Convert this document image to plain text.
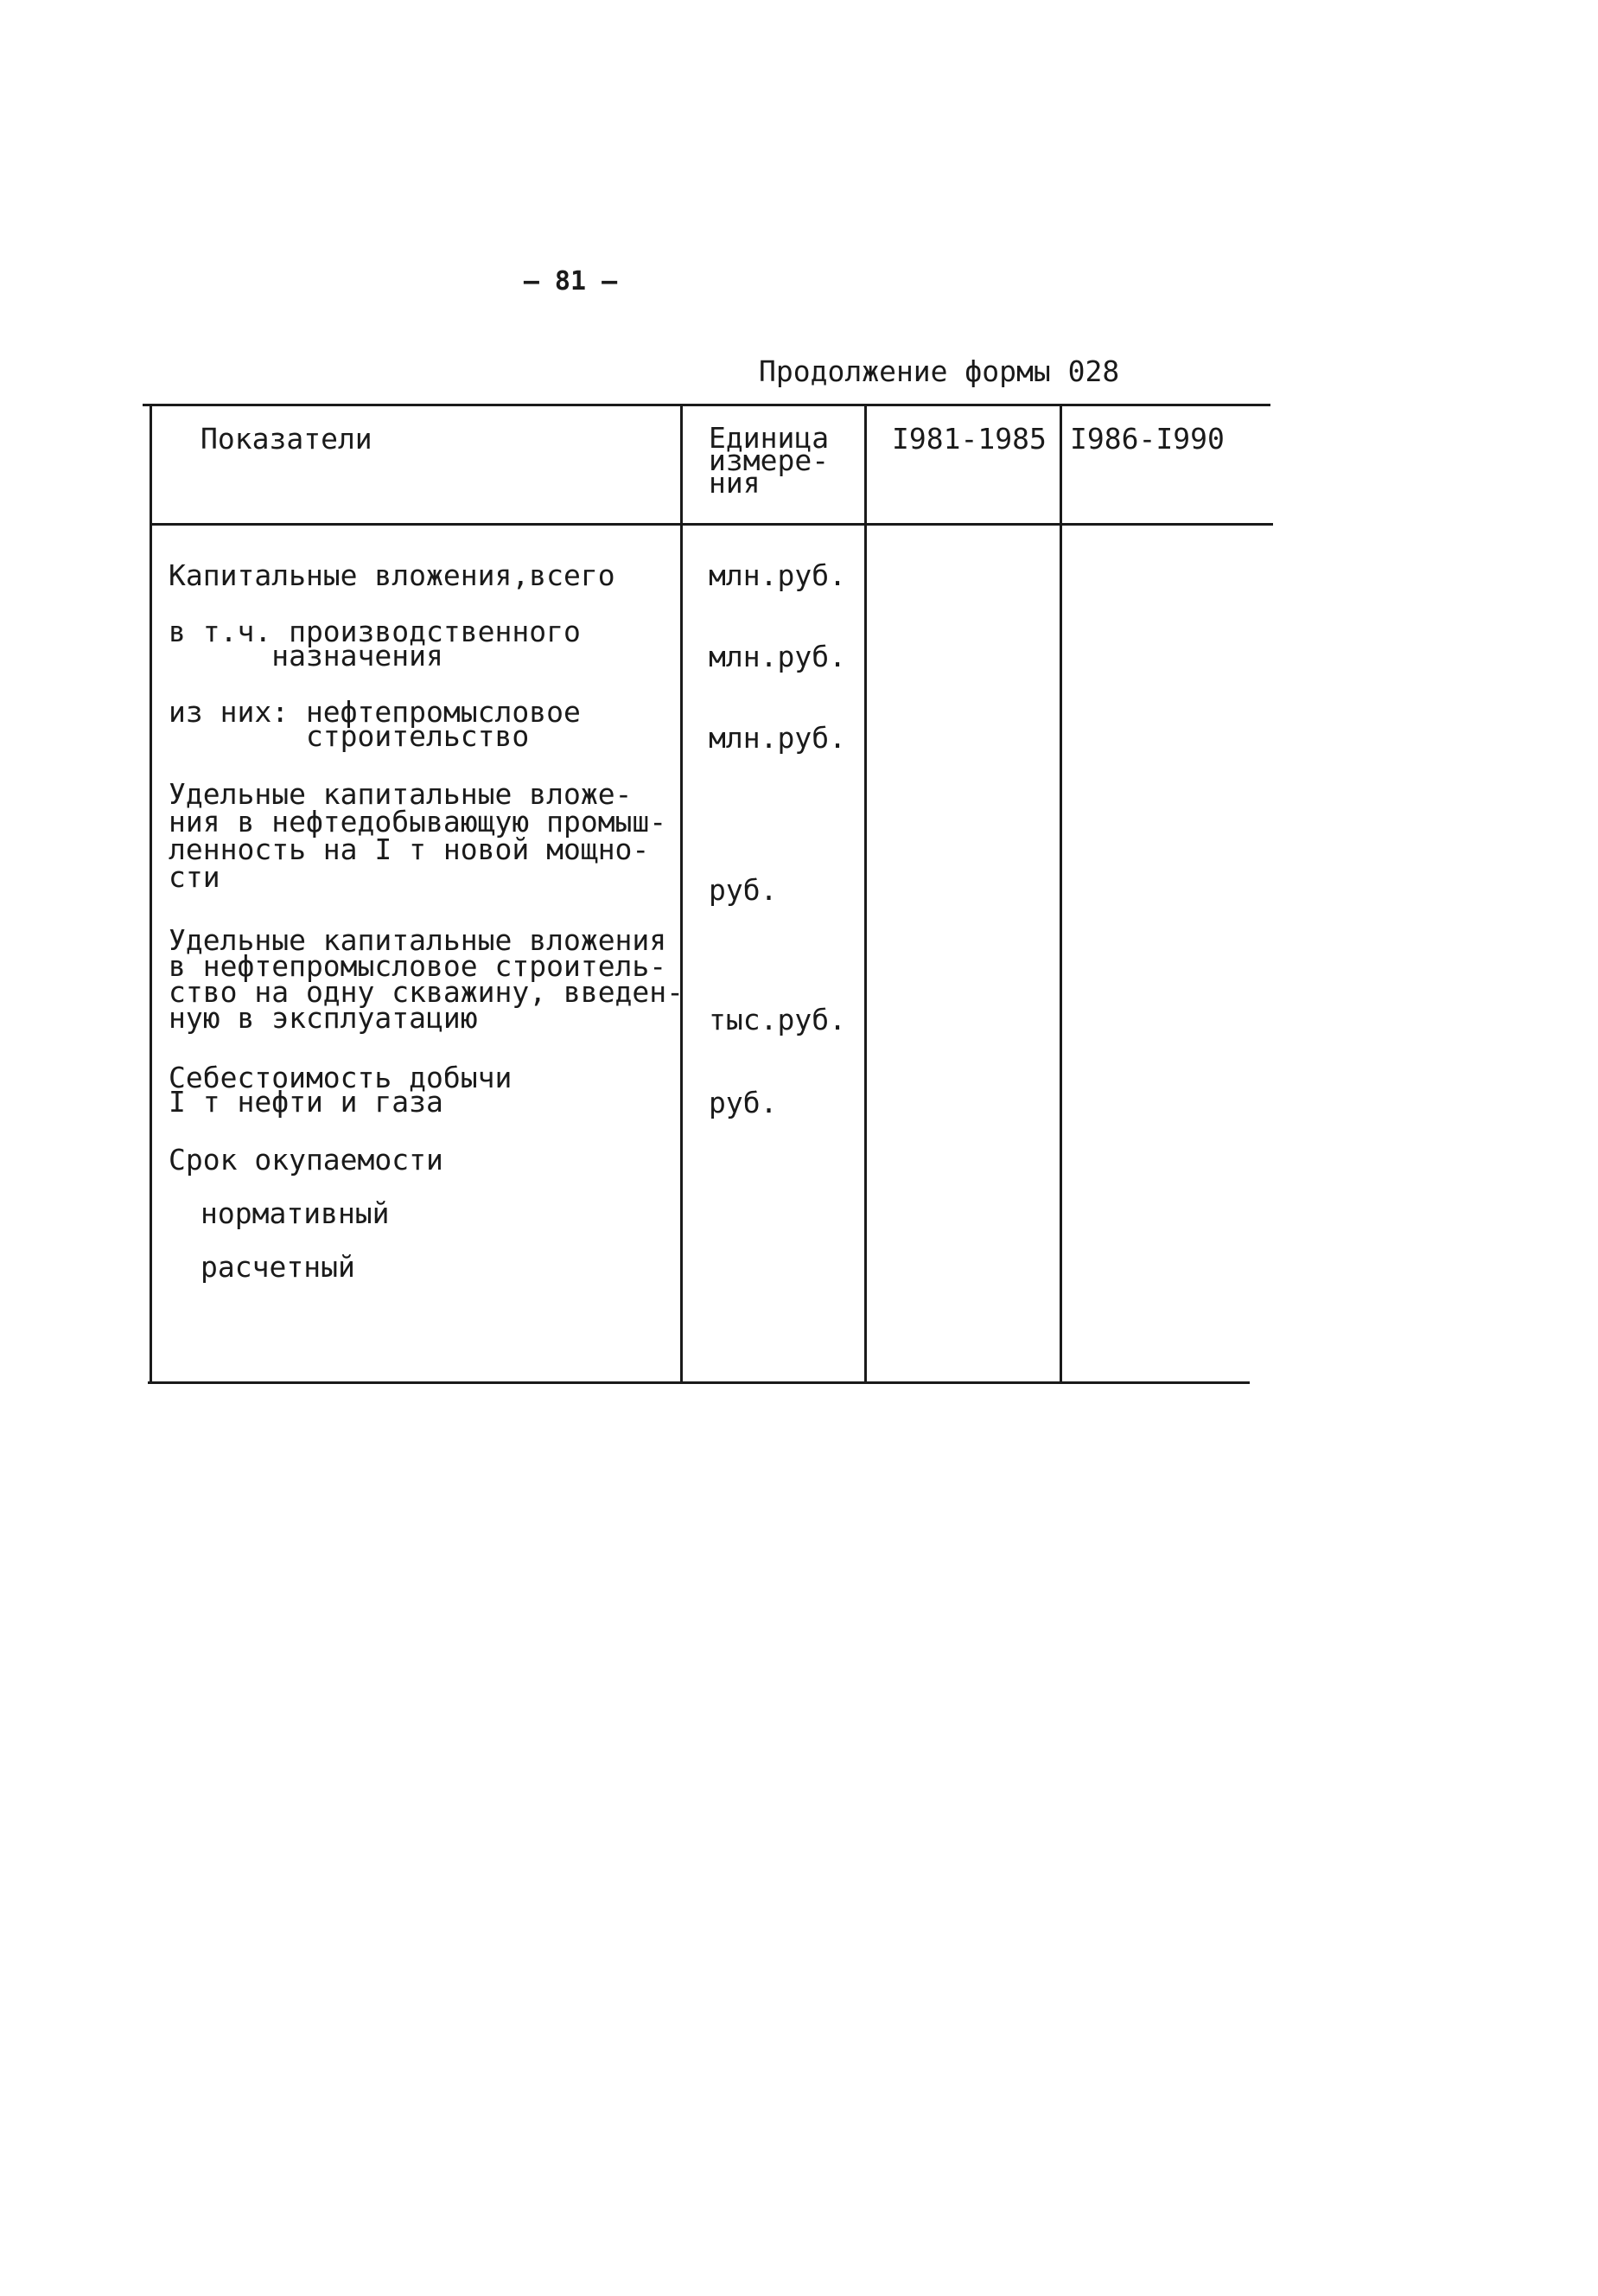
— 81 —
Продолжение формы 028
Показатели	Единица
измере-
ния
I981-1985 I986-I990
Капитальные вложения,всего
в т.ч. производственного
назначения
из них: нефтепромысловое
строительство
Удельные капитальные вложе-
ния в нефтедобывающую промыш-
ленность на I т новой мощно-
сти
Удельные капитальные вложения
в нефтепромысловое строитель-
ство на одну скважину, введен-
ную в эксплуатацию
Себестоимость добычи
I т нефти и газа
Срок окупаемости
нормативный
расчетный
млн.руб.
млн.руб.
млн.руб.
руб.
тыс.руб.
руб.
